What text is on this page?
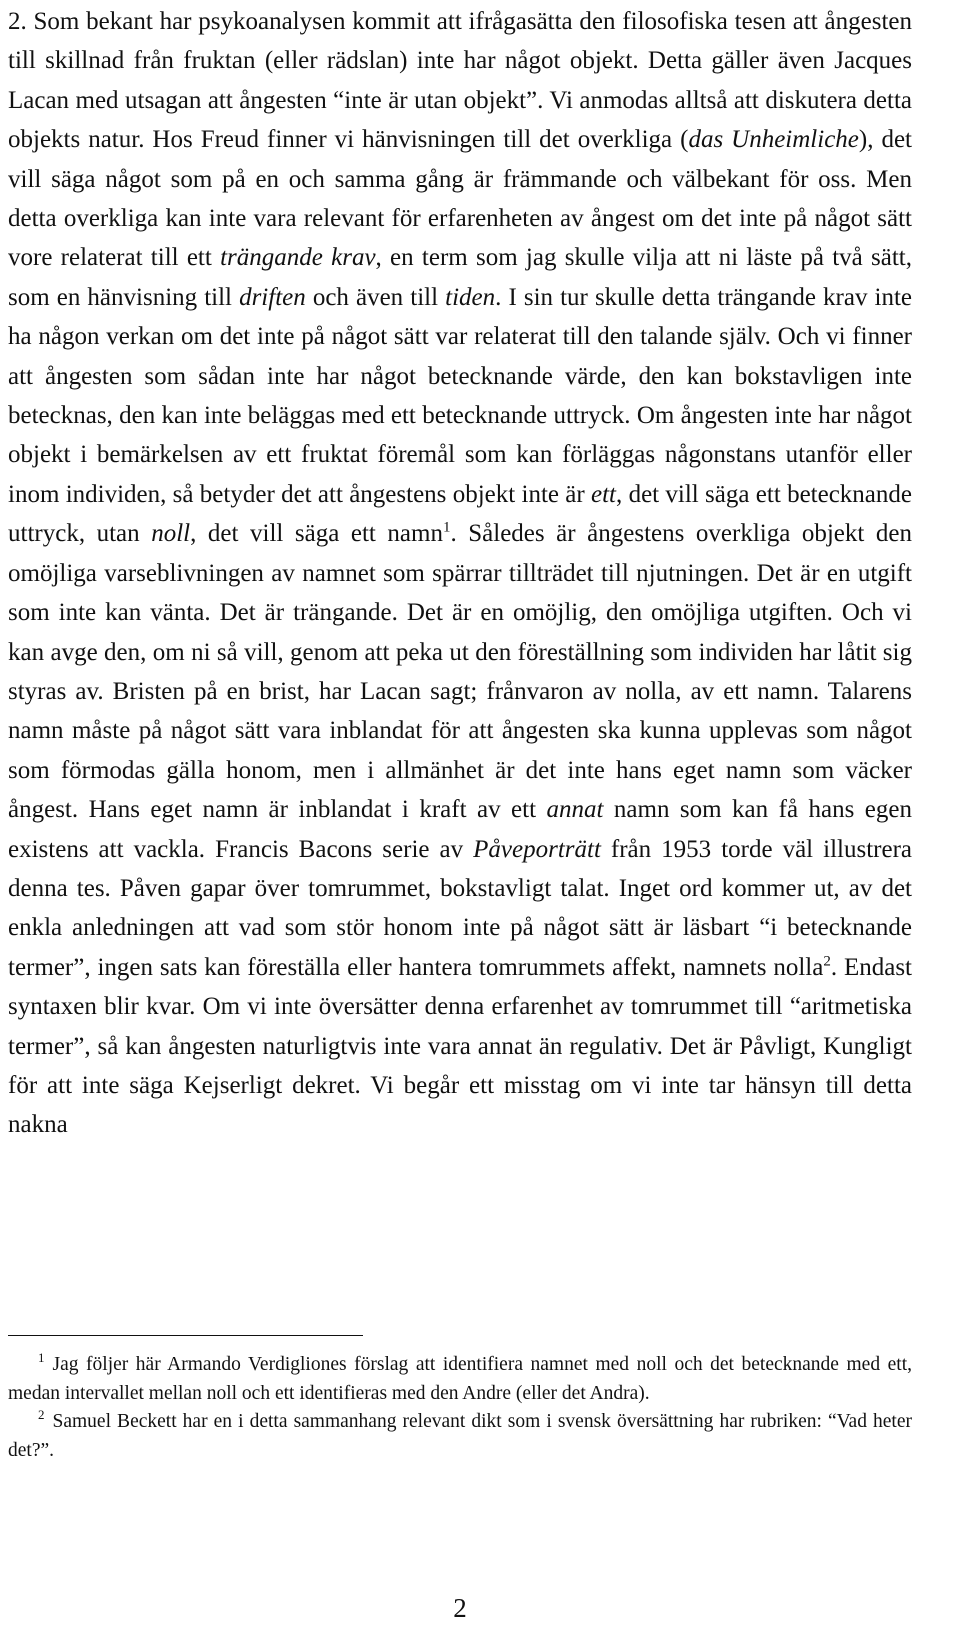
2. Som bekant har psykoanalysen kommit att ifrågasätta den filosofiska tesen att ångesten till skillnad från fruktan (eller rädslan) inte har något objekt. Detta gäller även Jacques Lacan med utsagan att ångesten “inte är utan objekt”. Vi anmodas alltså att diskutera detta objekts natur. Hos Freud finner vi hänvisningen till det overkliga (das Unheimliche), det vill säga något som på en och samma gång är främmande och välbekant för oss. Men detta overkliga kan inte vara relevant för erfarenheten av ångest om det inte på något sätt vore relaterat till ett trängande krav, en term som jag skulle vilja att ni läste på två sätt, som en hänvisning till driften och även till tiden. I sin tur skulle detta trängande krav inte ha någon verkan om det inte på något sätt var relaterat till den talande själv. Och vi finner att ångesten som sådan inte har något betecknande värde, den kan bokstavligen inte betecknas, den kan inte beläggas med ett betecknande uttryck. Om ångesten inte har något objekt i bemärkelsen av ett fruktat föremål som kan förläggas någonstans utanför eller inom individen, så betyder det att ångestens objekt inte är ett, det vill säga ett betecknande uttryck, utan noll, det vill säga ett namn$^1$. Således är ångestens overkliga objekt den omöjliga varseblivningen av namnet som spärrar tillträdet till njutningen. Det är en utgift som inte kan vänta. Det är trängande. Det är en omöjlig, den omöjliga utgiften. Och vi kan avge den, om ni så vill, genom att peka ut den föreställning som individen har låtit sig styras av. Bristen på en brist, har Lacan sagt; frånvaron av nolla, av ett namn. Talarens namn måste på något sätt vara inblandat för att ångesten ska kunna upplevas som något som förmodas gälla honom, men i allmänhet är det inte hans eget namn som väcker ångest. Hans eget namn är inblandat i kraft av ett annat namn som kan få hans egen existens att vackla. Francis Bacons serie av Påveporträtt från 1953 torde väl illustrera denna tes. Påven gapar över tomrummet, bokstavligt talat. Inget ord kommer ut, av det enkla anledningen att vad som stör honom inte på något sätt är läsbart “i betecknande termer”, ingen sats kan föreställa eller hantera tomrummets affekt, namnets nolla$^2$. Endast syntaxen blir kvar. Om vi inte översätter denna erfarenhet av tomrummet till “aritmetiska termer”, så kan ångesten naturligtvis inte vara annat än regulativ. Det är Påvligt, Kungligt för att inte säga Kejserligt dekret. Vi begår ett misstag om vi inte tar hänsyn till detta nakna

1 Jag följer här Armando Verdigliones förslag att identifiera namnet med noll och det betecknande med ett, medan intervallet mellan noll och ett identifieras med den Andre (eller det Andra).

2 Samuel Beckett har en i detta sammanhang relevant dikt som i svensk översättning har rubriken: “Vad heter det?”.

2
